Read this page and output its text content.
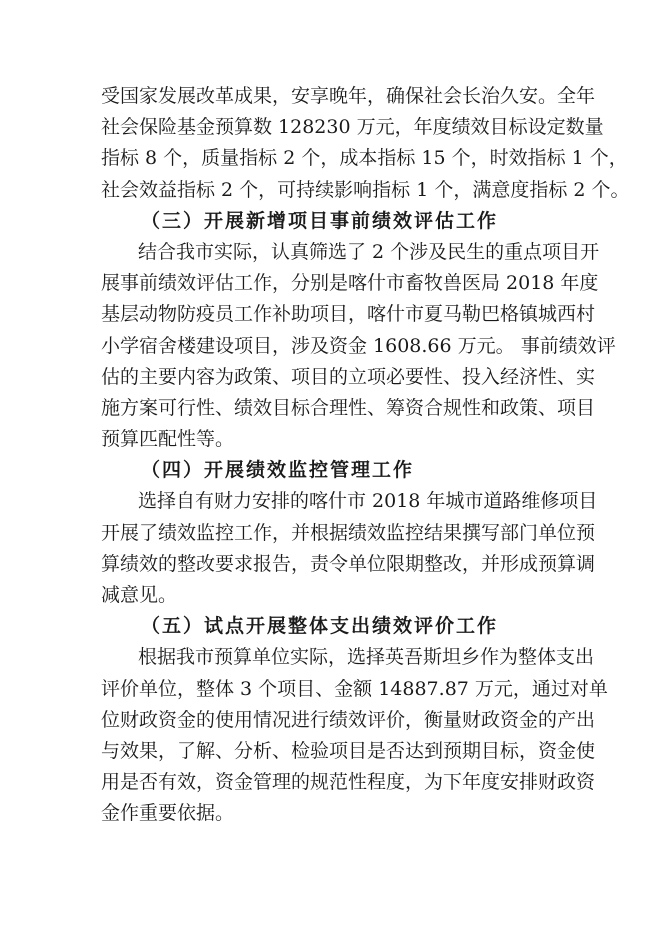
受国家发展改革成果，安享晚年，确保社会长治久安。全年
社会保险基金预算数 128230 万元，年度绩效目标设定数量
指标 8 个，质量指标 2 个，成本指标 15 个，时效指标 1 个，
社会效益指标 2 个，可持续影响指标 1 个，满意度指标 2 个。
（三）开展新增项目事前绩效评估工作
结合我市实际，认真筛选了 2 个涉及民生的重点项目开
展事前绩效评估工作，分别是喀什市畜牧兽医局 2018 年度
基层动物防疫员工作补助项目，喀什市夏马勒巴格镇城西村
小学宿舍楼建设项目，涉及资金 1608.66 万元。 事前绩效评
估的主要内容为政策、项目的立项必要性、投入经济性、实
施方案可行性、绩效目标合理性、筹资合规性和政策、项目
预算匹配性等。
（四）开展绩效监控管理工作
选择自有财力安排的喀什市 2018 年城市道路维修项目
开展了绩效监控工作，并根据绩效监控结果撰写部门单位预
算绩效的整改要求报告，责令单位限期整改，并形成预算调
减意见。
（五）试点开展整体支出绩效评价工作
根据我市预算单位实际，选择英吾斯坦乡作为整体支出
评价单位，整体 3 个项目、金额 14887.87 万元，通过对单
位财政资金的使用情况进行绩效评价，衡量财政资金的产出
与效果，了解、分析、检验项目是否达到预期目标，资金使
用是否有效，资金管理的规范性程度，为下年度安排财政资
金作重要依据。
